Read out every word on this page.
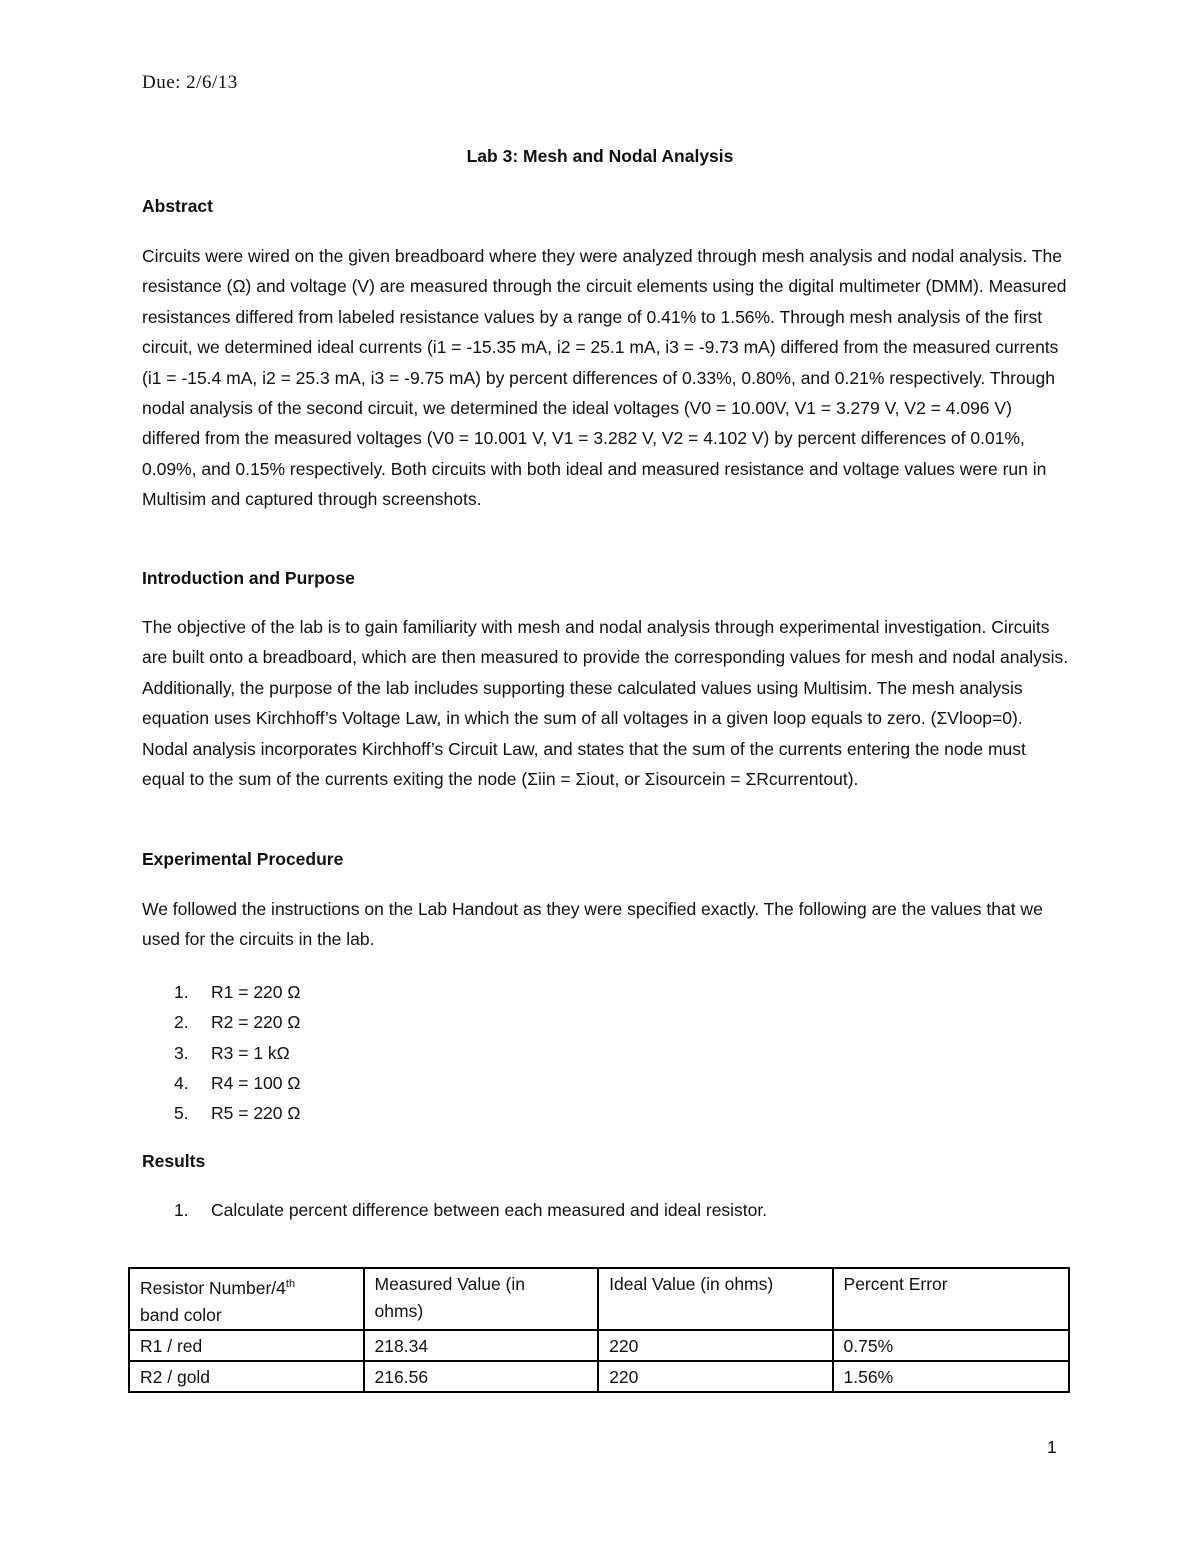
Due: 2/6/13
Lab 3: Mesh and Nodal Analysis
Abstract

Circuits were wired on the given breadboard where they were analyzed through mesh analysis and nodal analysis. The resistance (Ω) and voltage (V) are measured through the circuit elements using the digital multimeter (DMM). Measured resistances differed from labeled resistance values by a range of 0.41% to 1.56%. Through mesh analysis of the first circuit, we determined ideal currents (i1 = -15.35 mA, i2 = 25.1 mA, i3 = -9.73 mA) differed from the measured currents (i1 = -15.4 mA, i2 = 25.3 mA, i3 = -9.75 mA) by percent differences of 0.33%, 0.80%, and 0.21% respectively. Through nodal analysis of the second circuit, we determined the ideal voltages (V0 = 10.00V, V1 = 3.279 V, V2 = 4.096 V) differed from the measured voltages (V0 = 10.001 V, V1 = 3.282 V, V2 = 4.102 V) by percent differences of 0.01%, 0.09%, and 0.15% respectively. Both circuits with both ideal and measured resistance and voltage values were run in Multisim and captured through screenshots.

Introduction and Purpose

The objective of the lab is to gain familiarity with mesh and nodal analysis through experimental investigation. Circuits are built onto a breadboard, which are then measured to provide the corresponding values for mesh and nodal analysis. Additionally, the purpose of the lab includes supporting these calculated values using Multisim. The mesh analysis equation uses Kirchhoff’s Voltage Law, in which the sum of all voltages in a given loop equals to zero. (ΣVloop=0). Nodal analysis incorporates Kirchhoff’s Circuit Law, and states that the sum of the currents entering the node must equal to the sum of the currents exiting the node (Σiin = Σiout, or Σisourcein = ΣRcurrentout).

Experimental Procedure

We followed the instructions on the Lab Handout as they were specified exactly. The following are the values that we used for the circuits in the lab.

1. R1 = 220 Ω
2. R2 = 220 Ω
3. R3 = 1 kΩ
4. R4 = 100 Ω
5. R5 = 220 Ω
Results
1. Calculate percent difference between each measured and ideal resistor.
Resistor Number/4th
band color	Measured Value (in ohms)	Ideal Value (in ohms)	Percent Error
R1 / red	218.34	220	0.75%
R2 / gold	216.56	220	1.56%
1
